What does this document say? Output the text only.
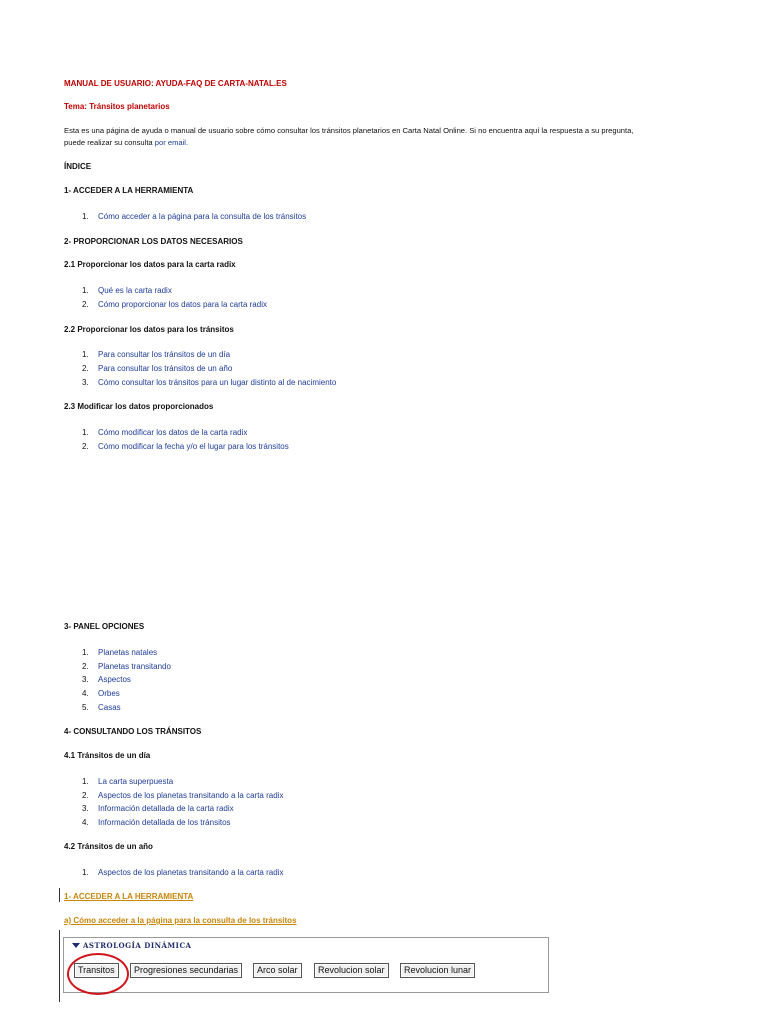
MANUAL DE USUARIO: AYUDA-FAQ DE CARTA-NATAL.ES
Tema: Tránsitos planetarios
Esta es una página de ayuda o manual de usuario sobre cómo consultar los tránsitos planetarios en Carta Natal Online. Si no encuentra aquí la respuesta a su pregunta,
puede realizar su consulta por email.
ÍNDICE
1- ACCEDER A LA HERRAMIENTA
1. Cómo acceder a la página para la consulta de los tránsitos
2- PROPORCIONAR LOS DATOS NECESARIOS
2.1 Proporcionar los datos para la carta radix
1. Qué es la carta radix
2. Cómo proporcionar los datos para la carta radix
2.2 Proporcionar los datos para los tránsitos
1. Para consultar los tránsitos de un día
2. Para consultar los tránsitos de un año
3. Cómo consultar los tránsitos para un lugar distinto al de nacimiento
2.3 Modificar los datos proporcionados
1. Cómo modificar los datos de la carta radix
2. Cómo modificar la fecha y/o el lugar para los tránsitos
3- PANEL OPCIONES
1. Planetas natales
2. Planetas transitando
3. Aspectos
4. Orbes
5. Casas
4- CONSULTANDO LOS TRÁNSITOS
4.1 Tránsitos de un día
1. La carta superpuesta
2. Aspectos de los planetas transitando a la carta radix
3. Información detallada de la carta radix
4. Información detallada de los tránsitos
4.2 Tránsitos de un año
1. Aspectos de los planetas transitando a la carta radix
1- ACCEDER A LA HERRAMIENTA
a) Cómo acceder a la página para la consulta de los tránsitos
ASTROLOGÍA DINÁMICA
Transitos	Progresiones secundarias	Arco solar	Revolucion solar	Revolucion lunar
